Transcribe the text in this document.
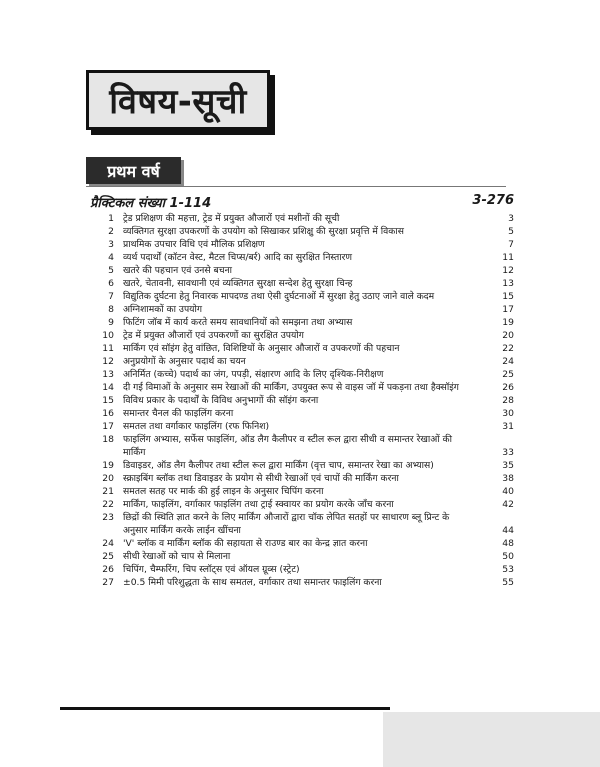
विषय-सूची
प्रथम वर्ष
प्रैक्टिकल संख्या 1-114	3-276
1 ट्रेड प्रशिक्षण की महत्ता, ट्रेड में प्रयुक्त औजारों एवं मशीनों की सूची	3
2 व्यक्तिगत सुरक्षा उपकरणों के उपयोग को सिखाकर प्रशिक्षु की सुरक्षा प्रवृत्ति में विकास	5
3 प्राथमिक उपचार विधि एवं मौलिक प्रशिक्षण	7
4 व्यर्थ पदार्थों (कॉटन वेस्ट, मैटल चिप्स/बर्र) आदि का सुरक्षित निस्तारण	11
5 खतरे की पहचान एवं उनसे बचना	12
6 खतरे, चेतावनी, सावधानी एवं व्यक्तिगत सुरक्षा सन्देश हेतु सुरक्षा चिन्ह	13
7 विद्युतिक दुर्घटना हेतु निवारक मापदण्ड तथा ऐसी दुर्घटनाओं में सुरक्षा हेतु उठाए जाने वाले कदम	15
8 अग्निशामकों का उपयोग	17
9 फिटिंग जॉब में कार्य करते समय सावधानियों को समझना तथा अभ्यास	19
10 ट्रेड में प्रयुक्त औजारों एवं उपकरणों का सुरक्षित उपयोग	20
11 मार्किंग एवं सॉइंग हेतु वांछित, विशिष्टियों के अनुसार औजारों व उपकरणों की पहचान	22
12 अनुप्रयोगों के अनुसार पदार्थ का चयन	24
13 अनिर्मित (कच्चे) पदार्थ का जंग, पपड़ी, संक्षारण आदि के लिए दृश्यिक-निरीक्षण	25
14 दी गई विमाओं के अनुसार सम रेखाओं की मार्किंग, उपयुक्त रूप से वाइस जॉ में पकड़ना तथा हैक्सॉइंग	26
15 विविध प्रकार के पदार्थों के विविध अनुभागों की सॉइंग करना	28
16 समान्तर चैनल की फाइलिंग करना	30
17 समतल तथा वर्गाकार फाइलिंग (रफ फिनिश)	31
18 फाइलिंग अभ्यास, सर्फेस फाइलिंग, ऑड लैग कैलीपर व स्टील रूल द्वारा सीधी व समान्तर रेखाओं की मार्किंग	33
19 डिवाइडर, ऑड लैग कैलीपर तथा स्टील रूल द्वारा मार्किंग (वृत्त चाप, समान्तर रेखा का अभ्यास)	35
20 स्क्राइबिंग ब्लॉक तथा डिवाइडर के प्रयोग से सीधी रेखाओं एवं चापों की मार्किंग करना	38
21 समतल सतह पर मार्क की हुई लाइन के अनुसार चिपिंग करना	40
22 मार्किंग, फाइलिंग, वर्गाकार फाइलिंग तथा ट्राई स्क्वायर का प्रयोग करके जाँच करना	42
23 छिद्रों की स्थिति ज्ञात करने के लिए मार्किंग औजारों द्वारा चॉक लेपित सतहों पर साधारण ब्लू प्रिन्ट के अनुसार मार्किंग करके लाईन खींचना	44
24 'V' ब्लॉक व मार्किंग ब्लॉक की सहायता से राउण्ड बार का केन्द्र ज्ञात करना	48
25 सीधी रेखाओं को चाप से मिलाना	50
26 चिपिंग, चैम्फरिंग, चिप स्लॉट्स एवं ऑयल ग्रूव्स (स्ट्रेट)	53
27 ±0.5 मिमी परिशुद्धता के साथ समतल, वर्गाकार तथा समान्तर फाइलिंग करना	55
